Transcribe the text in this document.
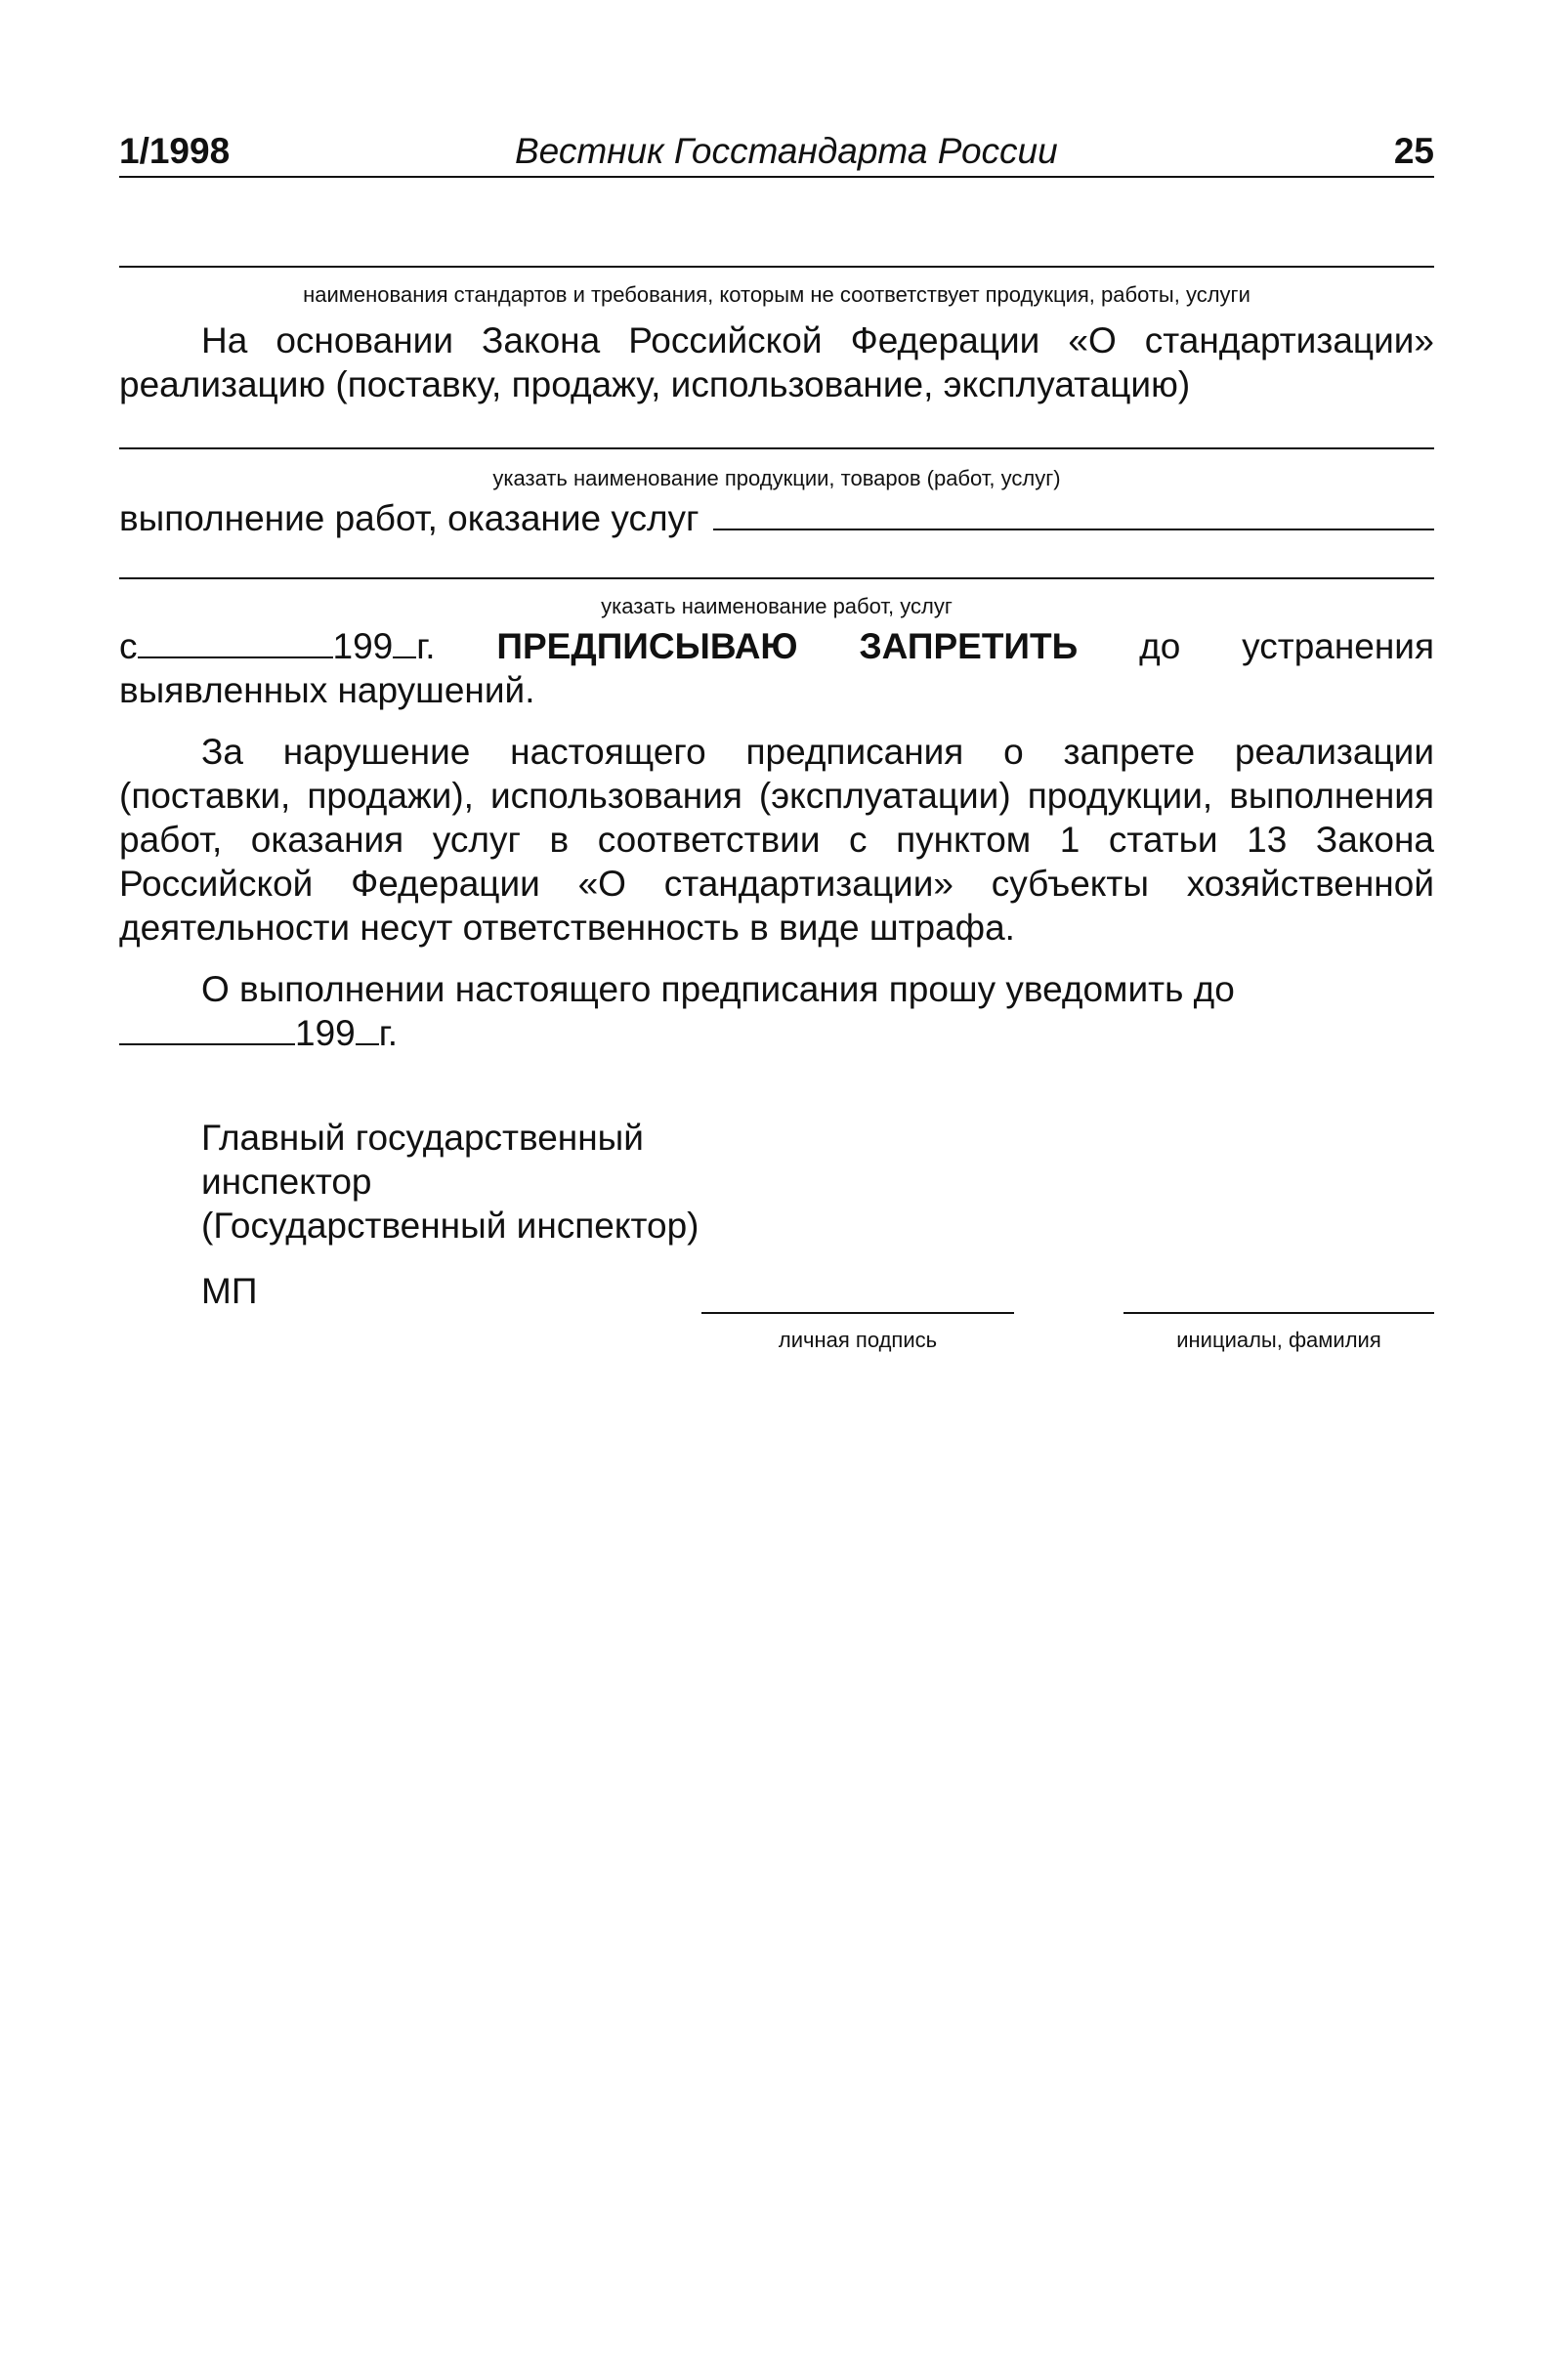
1/1998	Вестник Госстандарта России	25
наименования стандартов и требования, которым не соответствует продукция, работы, услуги
На основании Закона Российской Федерации «О стандартизации» реализацию (поставку, продажу, использование, эксплуатацию)
указать наименование продукции, товаров (работ, услуг)
выполнение работ, оказание услуг
указать наименование работ, услуг
с	199 г. ПРЕДПИСЫВАЮ ЗАПРЕТИТЬ до устранения выявленных нарушений.
За нарушение настоящего предписания о запрете реализации (поставки, продажи), использования (эксплуатации) продукции, выполнения работ, оказания услуг в соответствии с пунктом 1 статьи 13 Закона Российской Федерации «О стандартизации» субъекты хозяйственной деятельности несут ответственность в виде штрафа.
О выполнении настоящего предписания прошу уведомить до
199 г.
Главный государственный
инспектор
(Государственный инспектор)
МП
личная подпись	инициалы, фамилия
